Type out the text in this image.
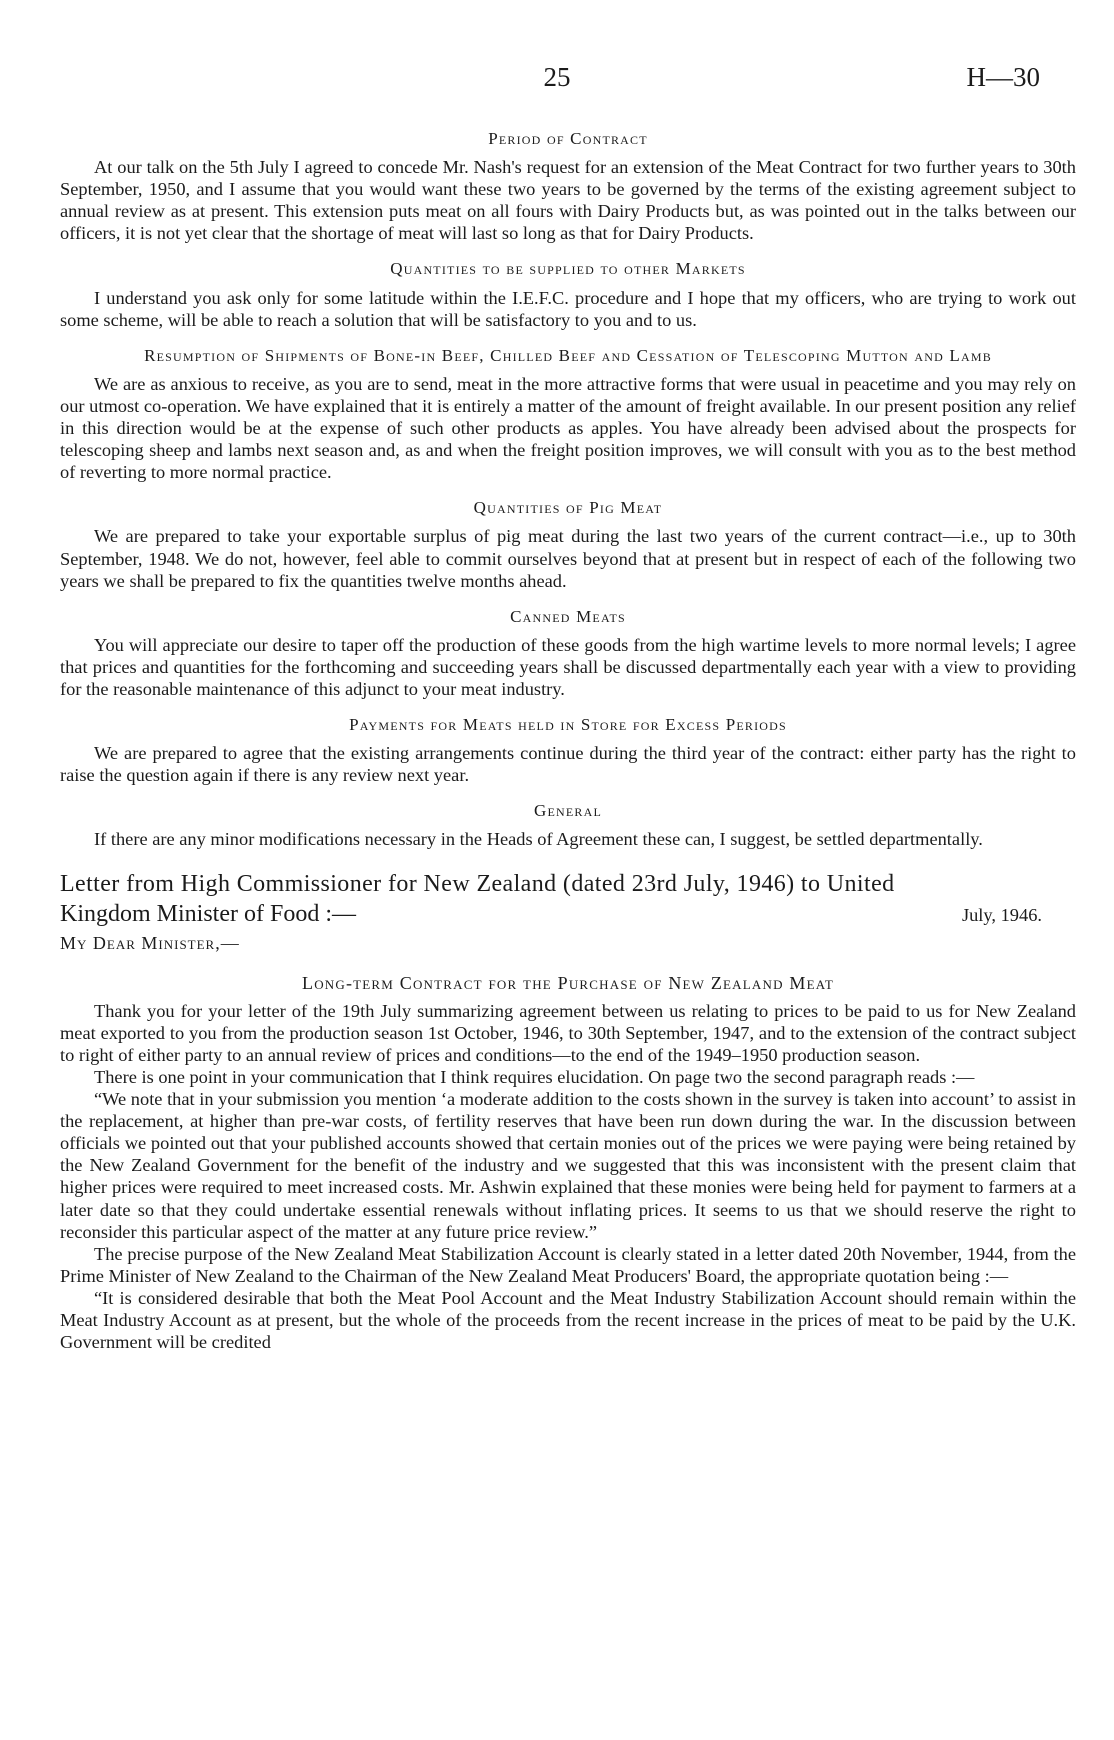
25	H—30
Period of Contract

At our talk on the 5th July I agreed to concede Mr. Nash's request for an extension of the Meat Contract for two further years to 30th September, 1950, and I assume that you would want these two years to be governed by the terms of the existing agreement subject to annual review as at present. This extension puts meat on all fours with Dairy Products but, as was pointed out in the talks between our officers, it is not yet clear that the shortage of meat will last so long as that for Dairy Products.

Quantities to be supplied to other Markets

I understand you ask only for some latitude within the I.E.F.C. procedure and I hope that my officers, who are trying to work out some scheme, will be able to reach a solution that will be satisfactory to you and to us.

Resumption of Shipments of Bone-in Beef, Chilled Beef and Cessation of Telescoping Mutton and Lamb

We are as anxious to receive, as you are to send, meat in the more attractive forms that were usual in peacetime and you may rely on our utmost co-operation. We have explained that it is entirely a matter of the amount of freight available. In our present position any relief in this direction would be at the expense of such other products as apples. You have already been advised about the prospects for telescoping sheep and lambs next season and, as and when the freight position improves, we will consult with you as to the best method of reverting to more normal practice.

Quantities of Pig Meat

We are prepared to take your exportable surplus of pig meat during the last two years of the current contract—i.e., up to 30th September, 1948. We do not, however, feel able to commit ourselves beyond that at present but in respect of each of the following two years we shall be prepared to fix the quantities twelve months ahead.

Canned Meats

You will appreciate our desire to taper off the production of these goods from the high wartime levels to more normal levels; I agree that prices and quantities for the forthcoming and succeeding years shall be discussed departmentally each year with a view to providing for the reasonable maintenance of this adjunct to your meat industry.

Payments for Meats held in Store for Excess Periods

We are prepared to agree that the existing arrangements continue during the third year of the contract: either party has the right to raise the question again if there is any review next year.

General

If there are any minor modifications necessary in the Heads of Agreement these can, I suggest, be settled departmentally.

Letter from High Commissioner for New Zealand (dated 23rd July, 1946) to United
Kingdom Minister of Food :—	July, 1946.
My Dear Minister,—
Long-term Contract for the Purchase of New Zealand Meat

Thank you for your letter of the 19th July summarizing agreement between us relating to prices to be paid to us for New Zealand meat exported to you from the production season 1st October, 1946, to 30th September, 1947, and to the extension of the contract subject to right of either party to an annual review of prices and conditions—to the end of the 1949–1950 production season.

There is one point in your communication that I think requires elucidation. On page two the second paragraph reads :—

“We note that in your submission you mention ‘a moderate addition to the costs shown in the survey is taken into account’ to assist in the replacement, at higher than pre-war costs, of fertility reserves that have been run down during the war. In the discussion between officials we pointed out that your published accounts showed that certain monies out of the prices we were paying were being retained by the New Zealand Government for the benefit of the industry and we suggested that this was inconsistent with the present claim that higher prices were required to meet increased costs. Mr. Ashwin explained that these monies were being held for payment to farmers at a later date so that they could undertake essential renewals without inflating prices. It seems to us that we should reserve the right to reconsider this particular aspect of the matter at any future price review.”

The precise purpose of the New Zealand Meat Stabilization Account is clearly stated in a letter dated 20th November, 1944, from the Prime Minister of New Zealand to the Chairman of the New Zealand Meat Producers' Board, the appropriate quotation being :—

“It is considered desirable that both the Meat Pool Account and the Meat Industry Stabilization Account should remain within the Meat Industry Account as at present, but the whole of the proceeds from the recent increase in the prices of meat to be paid by the U.K. Government will be credited
